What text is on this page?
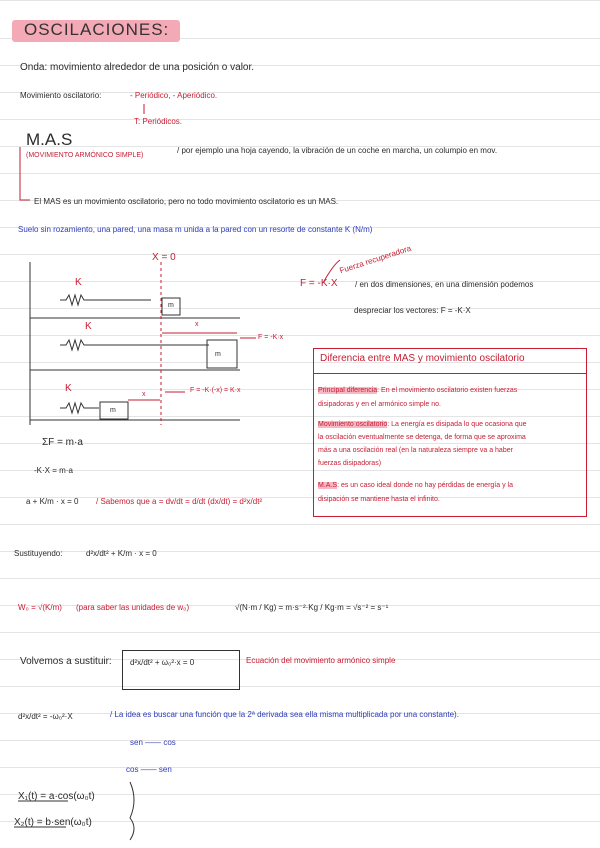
OSCILACIONES:
Onda: movimiento alrededor de una posición o valor.
Movimiento oscilatorio:	- Periódico, - Aperiódico.
T: Periódicos.
M.A.S
(MOVIMIENTO ARMÓNICO SIMPLE)
/ por ejemplo una hoja cayendo, la vibración de un coche en marcha, un columpio en mov.
El MAS es un movimiento oscilatorio, pero no todo movimiento oscilatorio es un MAS.
Suelo sin rozamiento, una pared, una masa m unida a la pared con un resorte de constante K (N/m)
X = 0
K
K
K
m
m
m
x
x
F = -K·x
F = -K·(-x) = K·x
F = -K·X
Fuerza recuperadora
/ en dos dimensiones, en una dimensión podemos
despreciar los vectores: F = -K·X
Diferencia entre MAS y movimiento oscilatorio
Principal diferencia: En el movimiento oscilatorio existen fuerzas
disipadoras y en el armónico simple no.
Movimiento oscilatorio: La energía es disipada lo que ocasiona que
la oscilación eventualmente se detenga, de forma que se aproxima
más a una oscilación real (en la naturaleza siempre va a haber
fuerzas disipadoras)
M.A.S: es un caso ideal donde no hay pérdidas de energía y la
disipación se mantiene hasta el infinito.
ΣF = m·a
-K·X = m·a
a + K/m · x = 0 / Sabemos que a = dv/dt = d/dt (dx/dt) = d²x/dt²
Sustituyendo:	d²x/dt² + K/m · x = 0
W₀ = √(K/m) (para saber las unidades de w₀)	√(N·m / Kg) = m·s⁻²·Kg / Kg·m = √s⁻² = s⁻¹
Volvemos a sustituir: d²x/dt² + ω₀²·x = 0	Ecuación del movimiento armónico simple
d²x/dt² = -ω₀²·X	/ La idea es buscar una función que la 2ª derivada sea ella misma multiplicada por una constante).
sen —— cos
cos —— sen
X₁(t) = a·cos(ω₀t)
X₂(t) = b·sen(ω₀t)
